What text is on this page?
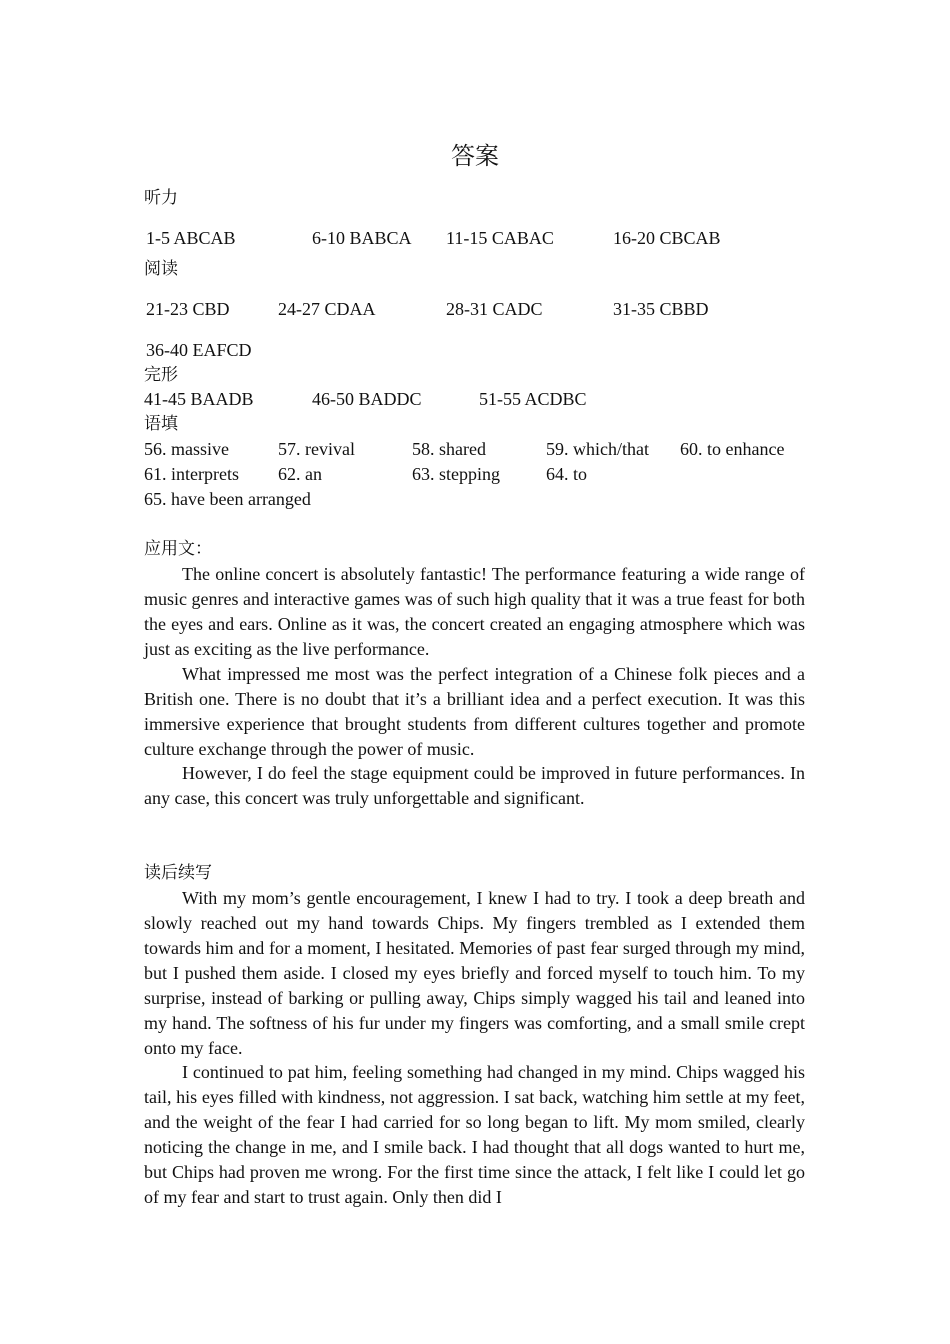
答案
听力
1-5 ABCAB	6-10 BABCA 11-15 CABAC	16-20 CBCAB
阅读
21-23 CBD	24-27 CDAA	28-31 CADC	31-35 CBBD
36-40 EAFCD
完形
41-45 BAADB	46-50 BADDC	51-55 ACDBC
语填
56. massive	57. revival	58. shared	59. which/that 60. to enhance
61. interprets 62. an	63. stepping	64. to
65. have been arranged
应用文：

The online concert is absolutely fantastic! The performance featuring a wide range of music genres and interactive games was of such high quality that it was a true feast for both the eyes and ears. Online as it was, the concert created an engaging atmosphere which was just as exciting as the live performance.

What impressed me most was the perfect integration of a Chinese folk pieces and a British one. There is no doubt that it’s a brilliant idea and a perfect execution. It was this immersive experience that brought students from different cultures together and promote culture exchange through the power of music.

However, I do feel the stage equipment could be improved in future performances. In any case, this concert was truly unforgettable and significant.

读后续写

With my mom’s gentle encouragement, I knew I had to try. I took a deep breath and slowly reached out my hand towards Chips. My fingers trembled as I extended them towards him and for a moment, I hesitated. Memories of past fear surged through my mind, but I pushed them aside. I closed my eyes briefly and forced myself to touch him. To my surprise, instead of barking or pulling away, Chips simply wagged his tail and leaned into my hand. The softness of his fur under my fingers was comforting, and a small smile crept onto my face.

I continued to pat him, feeling something had changed in my mind. Chips wagged his tail, his eyes filled with kindness, not aggression. I sat back, watching him settle at my feet, and the weight of the fear I had carried for so long began to lift. My mom smiled, clearly noticing the change in me, and I smile back. I had thought that all dogs wanted to hurt me, but Chips had proven me wrong. For the first time since the attack, I felt like I could let go of my fear and start to trust again. Only then did I
